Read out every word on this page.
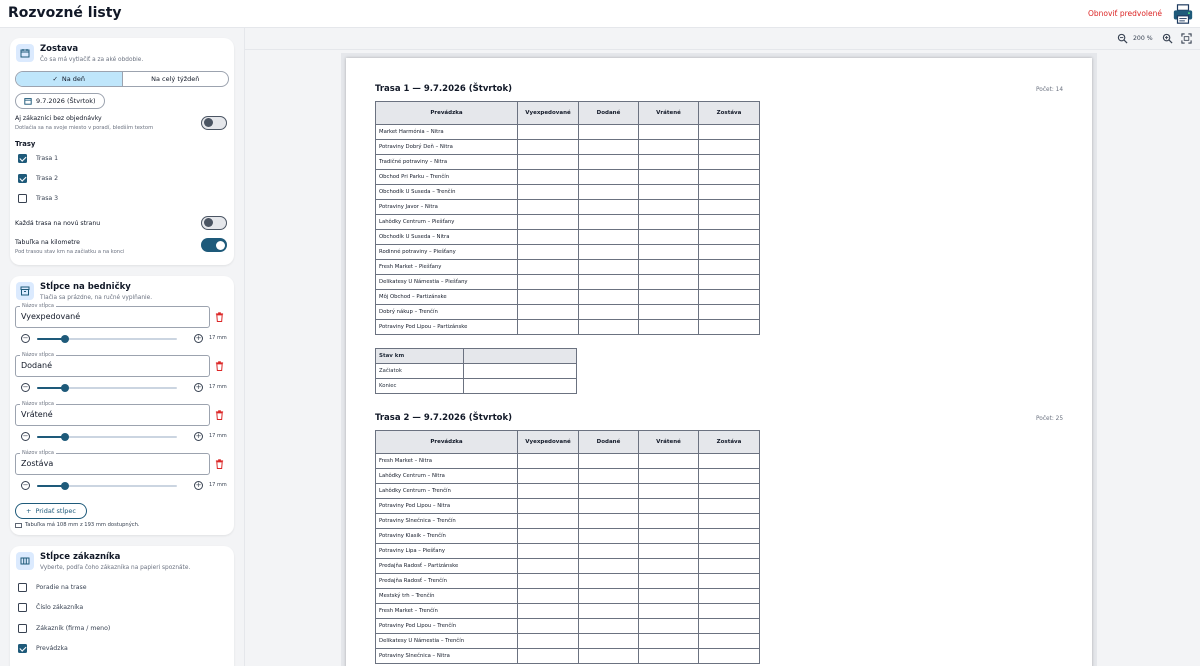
Rozvozné listy	Obnoviť predvolené
Zostava
Čo sa má vytlačiť a za aké obdobie.
✓ Na deň	Na celý týždeň
9.7.2026 (Štvrtok)
Aj zákazníci bez objednávky
Dotlačia sa na svoje miesto v poradí, bledším textom
Trasy
Trasa 1
Trasa 2
Trasa 3
Každá trasa na novú stranu
Tabuľka na kilometre
Pod trasou stav km na začiatku a na konci
Stĺpce na bedničky
Tlačia sa prázdne, na ručné vyplňanie.
Názov stĺpca
Vyexpedované
−	+	17 mm
Názov stĺpca
Dodané
−	+	17 mm
Názov stĺpca
Vrátené
−	+	17 mm
Názov stĺpca
Zostáva
−	+	17 mm
+ Pridať stĺpec
Tabuľka má 108 mm z 193 mm dostupných.
Stĺpce zákazníka
Vyberte, podľa čoho zákazníka na papieri spoznáte.
Poradie na trase
Číslo zákazníka
Zákazník (firma / meno)
Prevádzka
200 %
Trasa 1 — 9.7.2026 (Štvrtok)	Počet: 14
Prevádzka	Vyexpedované	Dodané	Vrátené	Zostáva
Market Harmónia – Nitra				
Potraviny Dobrý Deň – Nitra				
Tradičné potraviny – Nitra				
Obchod Pri Parku – Trenčín				
Obchodík U Suseda – Trenčín				
Potraviny Javor – Nitra				
Lahôdky Centrum – Piešťany				
Obchodík U Suseda – Nitra				
Rodinné potraviny – Piešťany				
Fresh Market – Piešťany				
Delikatesy U Námestia – Piešťany				
Môj Obchod – Partizánske				
Dobrý nákup – Trenčín				
Potraviny Pod Lipou – Partizánske				
Stav km	
Začiatok	
Koniec	
Trasa 2 — 9.7.2026 (Štvrtok)	Počet: 25
Prevádzka	Vyexpedované	Dodané	Vrátené	Zostáva
Fresh Market – Nitra				
Lahôdky Centrum – Nitra				
Lahôdky Centrum – Trenčín				
Potraviny Pod Lipou – Nitra				
Potraviny Slnečnica – Trenčín				
Potraviny Klasik – Trenčín				
Potraviny Lipa – Piešťany				
Predajňa Radosť – Partizánske				
Predajňa Radosť – Trenčín				
Mestský trh – Trenčín				
Fresh Market – Trenčín				
Potraviny Pod Lipou – Trenčín				
Delikatesy U Námestia – Trenčín				
Potraviny Slnečnica – Nitra				
